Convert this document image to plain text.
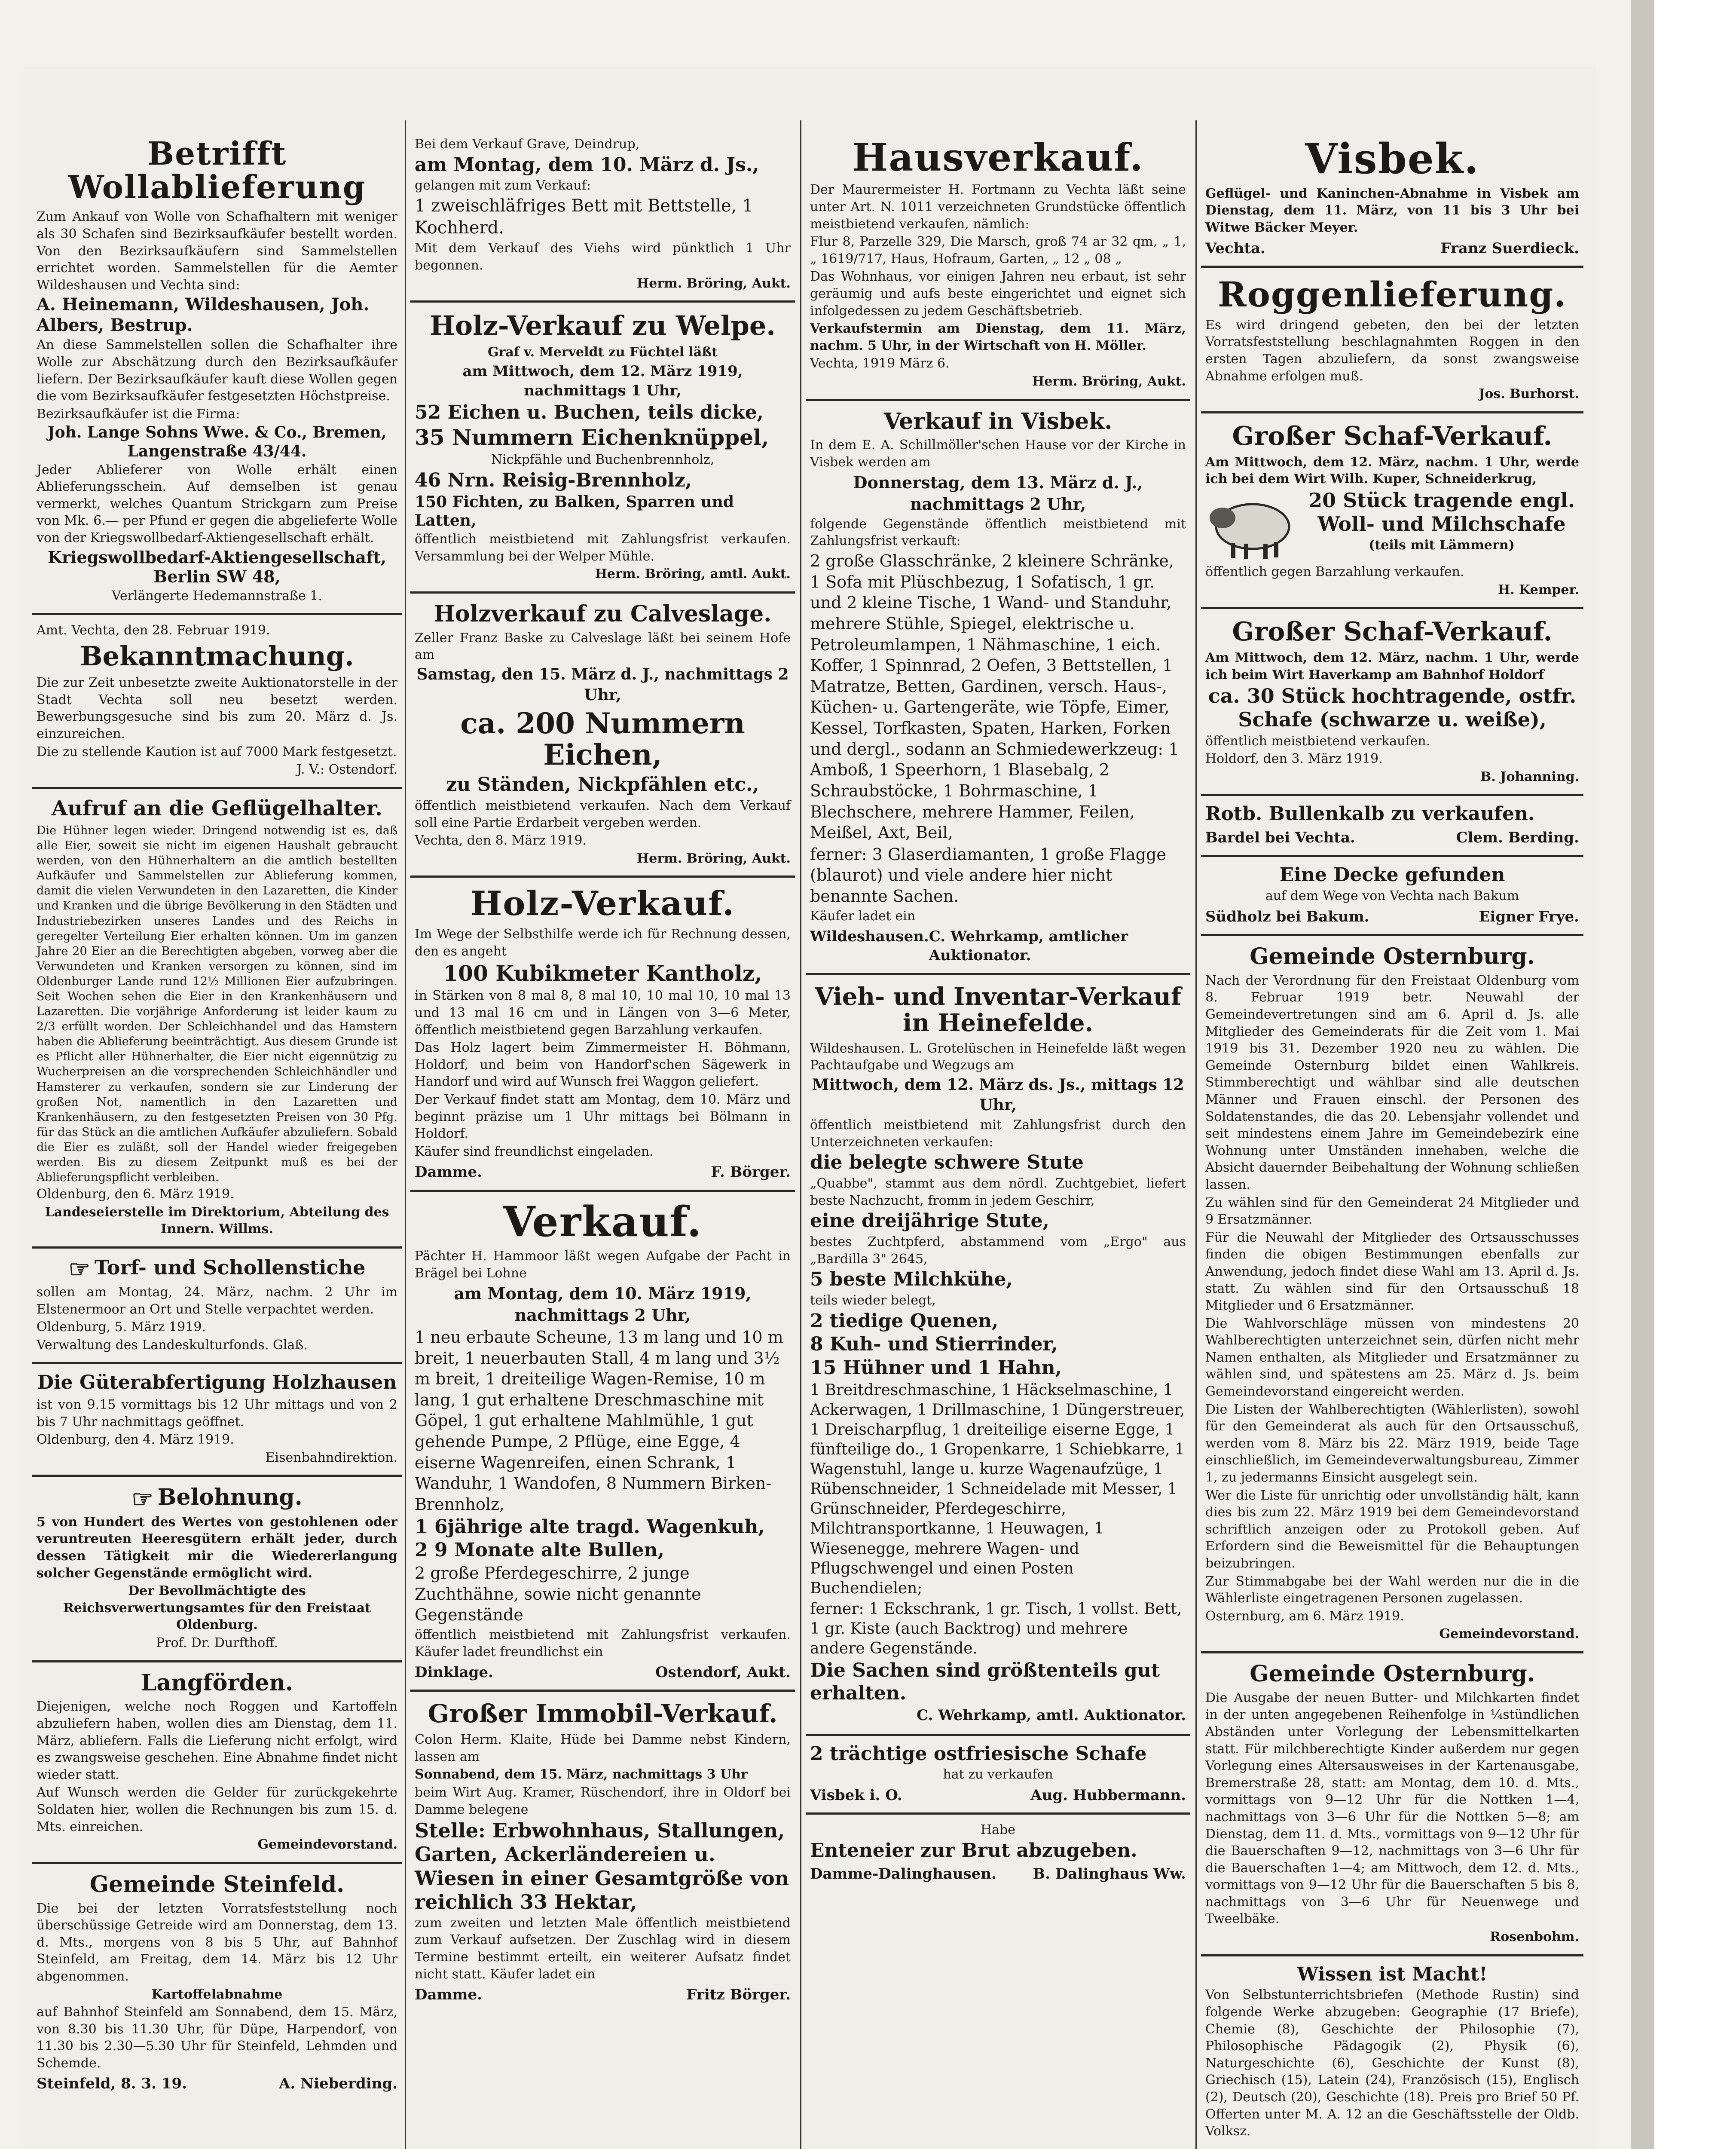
Betrifft Wollablieferung
Zum Ankauf von Wolle von Schafhaltern mit weniger als 30 Schafen sind Bezirksaufkäufer bestellt worden. Von den Bezirksaufkäufern sind Sammelstellen errichtet worden. Sammelstellen für die Aemter Wildeshausen und Vechta sind:
A. Heinemann, Wildeshausen, Joh. Albers, Bestrup.
An diese Sammelstellen sollen die Schafhalter ihre Wolle zur Abschätzung durch den Bezirksaufkäufer liefern. Der Bezirksaufkäufer kauft diese Wollen gegen die vom Bezirksaufkäufer festgesetzten Höchstpreise.
Bezirksaufkäufer ist die Firma:
Joh. Lange Sohns Wwe. & Co., Bremen, Langenstraße 43/44.
Jeder Ablieferer von Wolle erhält einen Ablieferungsschein. Auf demselben ist genau vermerkt, welches Quantum Strickgarn zum Preise von Mk. 6.— per Pfund er gegen die abgelieferte Wolle von der Kriegswollbedarf-Aktiengesellschaft erhält.
Kriegswollbedarf-Aktiengesellschaft, Berlin SW 48,
Verlängerte Hedemannstraße 1.
Amt. Vechta, den 28. Februar 1919.
Bekanntmachung.
Die zur Zeit unbesetzte zweite Auktionatorstelle in der Stadt Vechta soll neu besetzt werden. Bewerbungsgesuche sind bis zum 20. März d. Js. einzureichen.
Die zu stellende Kaution ist auf 7000 Mark festgesetzt.
J. V.: Ostendorf.
Aufruf an die Geflügelhalter.
Die Hühner legen wieder. Dringend notwendig ist es, daß alle Eier, soweit sie nicht im eigenen Haushalt gebraucht werden, von den Hühnerhaltern an die amtlich bestellten Aufkäufer und Sammelstellen zur Ablieferung kommen, damit die vielen Verwundeten in den Lazaretten, die Kinder und Kranken und die übrige Bevölkerung in den Städten und Industriebezirken unseres Landes und des Reichs in geregelter Verteilung Eier erhalten können. Um im ganzen Jahre 20 Eier an die Berechtigten abgeben, vorweg aber die Verwundeten und Kranken versorgen zu können, sind im Oldenburger Lande rund 12½ Millionen Eier aufzubringen. Seit Wochen sehen die Eier in den Krankenhäusern und Lazaretten. Die vorjährige Anforderung ist leider kaum zu 2/3 erfüllt worden. Der Schleichhandel und das Hamstern haben die Ablieferung beeinträchtigt. Aus diesem Grunde ist es Pflicht aller Hühnerhalter, die Eier nicht eigennützig zu Wucherpreisen an die vorsprechenden Schleichhändler und Hamsterer zu verkaufen, sondern sie zur Linderung der großen Not, namentlich in den Lazaretten und Krankenhäusern, zu den festgesetzten Preisen von 30 Pfg. für das Stück an die amtlichen Aufkäufer abzuliefern. Sobald die Eier es zuläßt, soll der Handel wieder freigegeben werden. Bis zu diesem Zeitpunkt muß es bei der Ablieferungspflicht verbleiben.
Oldenburg, den 6. März 1919.
Landeseierstelle im Direktorium, Abteilung des Innern. Willms.
☞ Torf- und Schollenstiche
sollen am Montag, 24. März, nachm. 2 Uhr im Elstenermoor an Ort und Stelle verpachtet werden.
Oldenburg, 5. März 1919.
Verwaltung des Landeskulturfonds. Glaß.
Die Güterabfertigung Holzhausen
ist von 9.15 vormittags bis 12 Uhr mittags und von 2 bis 7 Uhr nachmittags geöffnet.
Oldenburg, den 4. März 1919.
Eisenbahndirektion.
☞ Belohnung.
5 von Hundert des Wertes von gestohlenen oder veruntreuten Heeresgütern erhält jeder, durch dessen Tätigkeit mir die Wiedererlangung solcher Gegenstände ermöglicht wird.
Der Bevollmächtigte des Reichsverwertungsamtes für den Freistaat Oldenburg.
Prof. Dr. Durfthoff.
Langförden.
Diejenigen, welche noch Roggen und Kartoffeln abzuliefern haben, wollen dies am Dienstag, dem 11. März, abliefern. Falls die Lieferung nicht erfolgt, wird es zwangsweise geschehen. Eine Abnahme findet nicht wieder statt.
Auf Wunsch werden die Gelder für zurückgekehrte Soldaten hier, wollen die Rechnungen bis zum 15. d. Mts. einreichen.
Gemeindevorstand.
Gemeinde Steinfeld.
Die bei der letzten Vorratsfeststellung noch überschüssige Getreide wird am Donnerstag, dem 13. d. Mts., morgens von 8 bis 5 Uhr, auf Bahnhof Steinfeld, am Freitag, dem 14. März bis 12 Uhr abgenommen.
Kartoffelabnahme
auf Bahnhof Steinfeld am Sonnabend, dem 15. März, von 8.30 bis 11.30 Uhr, für Düpe, Harpendorf, von 11.30 bis 2.30—5.30 Uhr für Steinfeld, Lehmden und Schemde.
Steinfeld, 8. 3. 19.	A. Nieberding.
Bei dem Verkauf Grave, Deindrup,
am Montag, dem 10. März d. Js.,
gelangen mit zum Verkauf:
1 zweischläfriges Bett mit Bettstelle, 1 Kochherd.
Mit dem Verkauf des Viehs wird pünktlich 1 Uhr begonnen.
Herm. Bröring, Aukt.
Holz-Verkauf zu Welpe.
Graf v. Merveldt zu Füchtel läßt
am Mittwoch, dem 12. März 1919, nachmittags 1 Uhr,
52 Eichen u. Buchen, teils dicke,
35 Nummern Eichenknüppel,
Nickpfähle und Buchenbrennholz,
46 Nrn. Reisig-Brennholz,
150 Fichten, zu Balken, Sparren und Latten,
öffentlich meistbietend mit Zahlungsfrist verkaufen. Versammlung bei der Welper Mühle.
Herm. Bröring, amtl. Aukt.
Holzverkauf zu Calveslage.
Zeller Franz Baske zu Calveslage läßt bei seinem Hofe am
Samstag, den 15. März d. J., nachmittags 2 Uhr,
ca. 200 Nummern Eichen,
zu Ständen, Nickpfählen etc.,
öffentlich meistbietend verkaufen. Nach dem Verkauf soll eine Partie Erdarbeit vergeben werden.
Vechta, den 8. März 1919.
Herm. Bröring, Aukt.
Holz-Verkauf.
Im Wege der Selbsthilfe werde ich für Rechnung dessen, den es angeht
100 Kubikmeter Kantholz,
in Stärken von 8 mal 8, 8 mal 10, 10 mal 10, 10 mal 13 und 13 mal 16 cm und in Längen von 3—6 Meter, öffentlich meistbietend gegen Barzahlung verkaufen.
Das Holz lagert beim Zimmermeister H. Böhmann, Holdorf, und beim von Handorf'schen Sägewerk in Handorf und wird auf Wunsch frei Waggon geliefert.
Der Verkauf findet statt am Montag, dem 10. März und beginnt präzise um 1 Uhr mittags bei Bölmann in Holdorf.
Käufer sind freundlichst eingeladen.
Damme.	F. Börger.
Verkauf.
Pächter H. Hammoor läßt wegen Aufgabe der Pacht in Brägel bei Lohne
am Montag, dem 10. März 1919, nachmittags 2 Uhr,
1 neu erbaute Scheune, 13 m lang und 10 m breit, 1 neuerbauten Stall, 4 m lang und 3½ m breit, 1 dreiteilige Wagen-Remise, 10 m lang, 1 gut erhaltene Dreschmaschine mit Göpel, 1 gut erhaltene Mahlmühle, 1 gut gehende Pumpe, 2 Pflüge, eine Egge, 4 eiserne Wagenreifen, einen Schrank, 1 Wanduhr, 1 Wandofen, 8 Nummern Birken-Brennholz,
1 6jährige alte tragd. Wagenkuh,
2 9 Monate alte Bullen,
2 große Pferdegeschirre, 2 junge Zuchthähne, sowie nicht genannte Gegenstände
öffentlich meistbietend mit Zahlungsfrist verkaufen. Käufer ladet freundlichst ein
Dinklage.	Ostendorf, Aukt.
Großer Immobil-Verkauf.
Colon Herm. Klaite, Hüde bei Damme nebst Kindern, lassen am
Sonnabend, dem 15. März, nachmittags 3 Uhr
beim Wirt Aug. Kramer, Rüschendorf, ihre in Oldorf bei Damme belegene
Stelle: Erbwohnhaus, Stallungen, Garten, Ackerländereien u. Wiesen in einer Gesamtgröße von reichlich 33 Hektar,
zum zweiten und letzten Male öffentlich meistbietend zum Verkauf aufsetzen. Der Zuschlag wird in diesem Termine bestimmt erteilt, ein weiterer Aufsatz findet nicht statt. Käufer ladet ein
Damme.	Fritz Börger.
Hausverkauf.
Der Maurermeister H. Fortmann zu Vechta läßt seine unter Art. N. 1011 verzeichneten Grundstücke öffentlich meistbietend verkaufen, nämlich:
Flur 8, Parzelle 329, Die Marsch, groß 74 ar 32 qm, „ 1, „ 1619/717, Haus, Hofraum, Garten, „ 12 „ 08 „
Das Wohnhaus, vor einigen Jahren neu erbaut, ist sehr geräumig und aufs beste eingerichtet und eignet sich infolgedessen zu jedem Geschäftsbetrieb.
Verkaufstermin am Dienstag, dem 11. März, nachm. 5 Uhr, in der Wirtschaft von H. Möller.
Vechta, 1919 März 6.
Herm. Bröring, Aukt.
Verkauf in Visbek.
In dem E. A. Schillmöller'schen Hause vor der Kirche in Visbek werden am
Donnerstag, dem 13. März d. J., nachmittags 2 Uhr,
folgende Gegenstände öffentlich meistbietend mit Zahlungsfrist verkauft:
2 große Glasschränke, 2 kleinere Schränke, 1 Sofa mit Plüschbezug, 1 Sofatisch, 1 gr. und 2 kleine Tische, 1 Wand- und Standuhr, mehrere Stühle, Spiegel, elektrische u. Petroleumlampen, 1 Nähmaschine, 1 eich. Koffer, 1 Spinnrad, 2 Oefen, 3 Bettstellen, 1 Matratze, Betten, Gardinen, versch. Haus-, Küchen- u. Gartengeräte, wie Töpfe, Eimer, Kessel, Torfkasten, Spaten, Harken, Forken und dergl., sodann an Schmiedewerkzeug: 1 Amboß, 1 Speerhorn, 1 Blasebalg, 2 Schraubstöcke, 1 Bohrmaschine, 1 Blechschere, mehrere Hammer, Feilen, Meißel, Axt, Beil,
ferner: 3 Glaserdiamanten, 1 große Flagge (blaurot) und viele andere hier nicht benannte Sachen.
Käufer ladet ein
Wildeshausen. C. Wehrkamp, amtlicher Auktionator.
Vieh- und Inventar-Verkauf in Heinefelde.
Wildeshausen. L. Grotelüschen in Heinefelde läßt wegen Pachtaufgabe und Wegzugs am
Mittwoch, dem 12. März ds. Js., mittags 12 Uhr,
öffentlich meistbietend mit Zahlungsfrist durch den Unterzeichneten verkaufen:
die belegte schwere Stute
„Quabbe", stammt aus dem nördl. Zuchtgebiet, liefert beste Nachzucht, fromm in jedem Geschirr,
eine dreijährige Stute,
bestes Zuchtpferd, abstammend vom „Ergo" aus „Bardilla 3" 2645,
5 beste Milchkühe,
teils wieder belegt,
2 tiedige Quenen,
8 Kuh- und Stierrinder,
15 Hühner und 1 Hahn,
1 Breitdreschmaschine, 1 Häckselmaschine, 1 Ackerwagen, 1 Drillmaschine, 1 Düngerstreuer, 1 Dreischarpflug, 1 dreiteilige eiserne Egge, 1 fünfteilige do., 1 Gropenkarre, 1 Schiebkarre, 1 Wagenstuhl, lange u. kurze Wagenaufzüge, 1 Rübenschneider, 1 Schneidelade mit Messer, 1 Grünschneider, Pferdegeschirre, Milchtransportkanne, 1 Heuwagen, 1 Wiesenegge, mehrere Wagen- und Pflugschwengel und einen Posten Buchendielen;
ferner: 1 Eckschrank, 1 gr. Tisch, 1 vollst. Bett, 1 gr. Kiste (auch Backtrog) und mehrere andere Gegenstände.
Die Sachen sind größtenteils gut erhalten.
C. Wehrkamp, amtl. Auktionator.
2 trächtige ostfriesische Schafe
hat zu verkaufen
Visbek i. O.	Aug. Hubbermann.
Habe
Enteneier zur Brut abzugeben.
Damme-Dalinghausen. B. Dalinghaus Ww.
Visbek.
Geflügel- und Kaninchen-Abnahme in Visbek am Dienstag, dem 11. März, von 11 bis 3 Uhr bei Witwe Bäcker Meyer.
Vechta.	Franz Suerdieck.
Roggenlieferung.
Es wird dringend gebeten, den bei der letzten Vorratsfeststellung beschlagnahmten Roggen in den ersten Tagen abzuliefern, da sonst zwangsweise Abnahme erfolgen muß.
Jos. Burhorst.
Großer Schaf-Verkauf.
Am Mittwoch, dem 12. März, nachm. 1 Uhr, werde ich bei dem Wirt Wilh. Kuper, Schneiderkrug,
20 Stück tragende engl. Woll- und Milchschafe
(teils mit Lämmern)
öffentlich gegen Barzahlung verkaufen.
H. Kemper.
Großer Schaf-Verkauf.
Am Mittwoch, dem 12. März, nachm. 1 Uhr, werde ich beim Wirt Haverkamp am Bahnhof Holdorf
ca. 30 Stück hochtragende, ostfr. Schafe (schwarze u. weiße),
öffentlich meistbietend verkaufen.
Holdorf, den 3. März 1919.
B. Johanning.
Rotb. Bullenkalb zu verkaufen.
Bardel bei Vechta.	Clem. Berding.
Eine Decke gefunden
auf dem Wege von Vechta nach Bakum
Südholz bei Bakum.	Eigner Frye.
Gemeinde Osternburg.
Nach der Verordnung für den Freistaat Oldenburg vom 8. Februar 1919 betr. Neuwahl der Gemeindevertretungen sind am 6. April d. Js. alle Mitglieder des Gemeinderats für die Zeit vom 1. Mai 1919 bis 31. Dezember 1920 neu zu wählen. Die Gemeinde Osternburg bildet einen Wahlkreis. Stimmberechtigt und wählbar sind alle deutschen Männer und Frauen einschl. der Personen des Soldatenstandes, die das 20. Lebensjahr vollendet und seit mindestens einem Jahre im Gemeindebezirk eine Wohnung unter Umständen innehaben, welche die Absicht dauernder Beibehaltung der Wohnung schließen lassen.
Zu wählen sind für den Gemeinderat 24 Mitglieder und 9 Ersatzmänner.
Für die Neuwahl der Mitglieder des Ortsausschusses finden die obigen Bestimmungen ebenfalls zur Anwendung, jedoch findet diese Wahl am 13. April d. Js. statt. Zu wählen sind für den Ortsausschuß 18 Mitglieder und 6 Ersatzmänner.
Die Wahlvorschläge müssen von mindestens 20 Wahlberechtigten unterzeichnet sein, dürfen nicht mehr Namen enthalten, als Mitglieder und Ersatzmänner zu wählen sind, und spätestens am 25. März d. Js. beim Gemeindevorstand eingereicht werden.
Die Listen der Wahlberechtigten (Wählerlisten), sowohl für den Gemeinderat als auch für den Ortsausschuß, werden vom 8. März bis 22. März 1919, beide Tage einschließlich, im Gemeindeverwaltungsbureau, Zimmer 1, zu jedermanns Einsicht ausgelegt sein.
Wer die Liste für unrichtig oder unvollständig hält, kann dies bis zum 22. März 1919 bei dem Gemeindevorstand schriftlich anzeigen oder zu Protokoll geben. Auf Erfordern sind die Beweismittel für die Behauptungen beizubringen.
Zur Stimmabgabe bei der Wahl werden nur die in die Wählerliste eingetragenen Personen zugelassen.
Osternburg, am 6. März 1919.
Gemeindevorstand.
Gemeinde Osternburg.
Die Ausgabe der neuen Butter- und Milchkarten findet in der unten angegebenen Reihenfolge in ¼stündlichen Abständen unter Vorlegung der Lebensmittelkarten statt. Für milchberechtigte Kinder außerdem nur gegen Vorlegung eines Altersausweises in der Kartenausgabe, Bremerstraße 28, statt: am Montag, dem 10. d. Mts., vormittags von 9—12 Uhr für die Nottken 1—4, nachmittags von 3—6 Uhr für die Nottken 5—8; am Dienstag, dem 11. d. Mts., vormittags von 9—12 Uhr für die Bauerschaften 9—12, nachmittags von 3—6 Uhr für die Bauerschaften 1—4; am Mittwoch, dem 12. d. Mts., vormittags von 9—12 Uhr für die Bauerschaften 5 bis 8, nachmittags von 3—6 Uhr für Neuenwege und Tweelbäke.
Rosenbohm.
Wissen ist Macht!
Von Selbstunterrichtsbriefen (Methode Rustin) sind folgende Werke abzugeben: Geographie (17 Briefe), Chemie (8), Geschichte der Philosophie (7), Philosophische Pädagogik (2), Physik (6), Naturgeschichte (6), Geschichte der Kunst (8), Griechisch (15), Latein (24), Französisch (15), Englisch (2), Deutsch (20), Geschichte (18). Preis pro Brief 50 Pf. Offerten unter M. A. 12 an die Geschäftsstelle der Oldb. Volksz.
